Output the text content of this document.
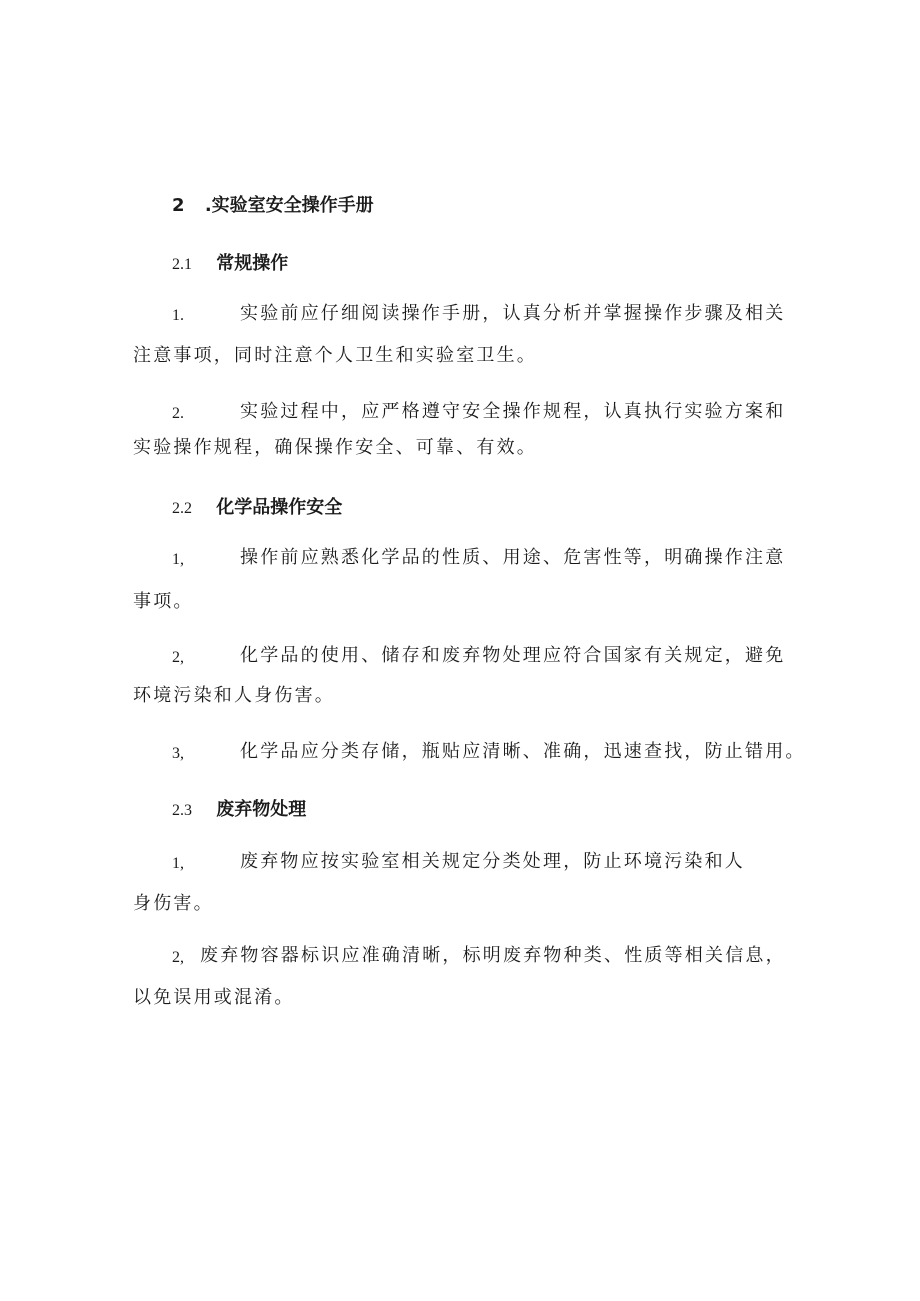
2 .实验室安全操作手册
2.1 常规操作
1.	实验前应仔细阅读操作手册，认真分析并掌握操作步骤及相关
注意事项，同时注意个人卫生和实验室卫生。
2.	实验过程中，应严格遵守安全操作规程，认真执行实验方案和
实验操作规程，确保操作安全、可靠、有效。
2.2 化学品操作安全
1,	操作前应熟悉化学品的性质、用途、危害性等，明确操作注意
事项。
2,	化学品的使用、储存和废弃物处理应符合国家有关规定，避免
环境污染和人身伤害。
3,	化学品应分类存储，瓶贴应清晰、准确，迅速查找，防止错用。
2.3 废弃物处理
1,	废弃物应按实验室相关规定分类处理，防止环境污染和人
身伤害。
2, 废弃物容器标识应准确清晰，标明废弃物种类、性质等相关信息，
以免误用或混淆。
